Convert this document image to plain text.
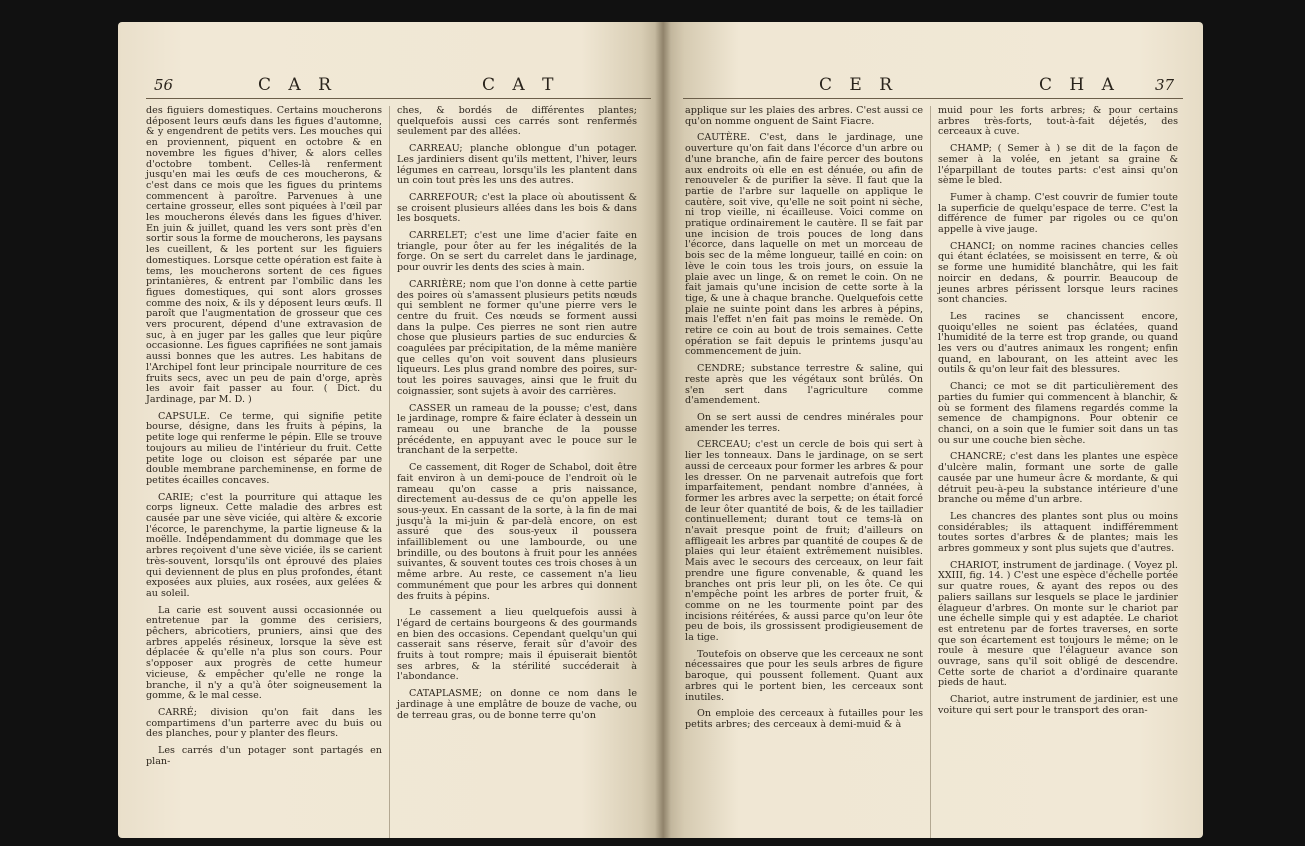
56	C A R	C A T

des figuiers domestiques. Certains moucherons déposent leurs œufs dans les figues d'automne, & y engendrent de petits vers. Les mouches qui en proviennent, piquent en octobre & en novembre les figues d'hiver, & alors celles d'octobre tombent. Celles-là renferment jusqu'en mai les œufs de ces moucherons, & c'est dans ce mois que les figues du printems commencent à paroître. Parvenues à une certaine grosseur, elles sont piquées à l'œil par les moucherons élevés dans les figues d'hiver. En juin & juillet, quand les vers sont près d'en sortir sous la forme de moucherons, les paysans les cueillent, & les portent sur les figuiers domestiques. Lorsque cette opération est faite à tems, les moucherons sortent de ces figues printanières, & entrent par l'ombilic dans les figues domestiques, qui sont alors grosses comme des noix, & ils y déposent leurs œufs. Il paroît que l'augmentation de grosseur que ces vers procurent, dépend d'une extravasion de suc, à en juger par les galles que leur piqûre occasionne. Les figues caprifiées ne sont jamais aussi bonnes que les autres. Les habitans de l'Archipel font leur principale nourriture de ces fruits secs, avec un peu de pain d'orge, après les avoir fait passer au four. ( Dict. du Jardinage, par M. D. )

CAPSULE. Ce terme, qui signifie petite bourse, désigne, dans les fruits à pépins, la petite loge qui renferme le pépin. Elle se trouve toujours au milieu de l'intérieur du fruit. Cette petite loge ou cloison est séparée par une double membrane parcheminense, en forme de petites écailles concaves.

CARIE; c'est la pourriture qui attaque les corps ligneux. Cette maladie des arbres est causée par une sève viciée, qui altère & excorie l'écorce, le parenchyme, la partie ligneuse & la moëlle. Indépendamment du dommage que les arbres reçoivent d'une sève viciée, ils se carient très-souvent, lorsqu'ils ont éprouvé des plaies qui deviennent de plus en plus profondes, étant exposées aux pluies, aux rosées, aux gelées & au soleil.

La carie est souvent aussi occasionnée ou entretenue par la gomme des cerisiers, pêchers, abricotiers, pruniers, ainsi que des arbres appelés résineux, lorsque la sève est déplacée & qu'elle n'a plus son cours. Pour s'opposer aux progrès de cette humeur vicieuse, & empêcher qu'elle ne ronge la branche, il n'y a qu'à ôter soigneusement la gomme, & le mal cesse.

CARRÉ; division qu'on fait dans les compartimens d'un parterre avec du buis ou des planches, pour y planter des fleurs.

Les carrés d'un potager sont partagés en plan-

ches, & bordés de différentes plantes; quelquefois aussi ces carrés sont renfermés seulement par des allées.

CARREAU; planche oblongue d'un potager. Les jardiniers disent qu'ils mettent, l'hiver, leurs légumes en carreau, lorsqu'ils les plantent dans un coin tout près les uns des autres.

CARREFOUR; c'est la place où aboutissent & se croisent plusieurs allées dans les bois & dans les bosquets.

CARRELET; c'est une lime d'acier faite en triangle, pour ôter au fer les inégalités de la forge. On se sert du carrelet dans le jardinage, pour ouvrir les dents des scies à main.

CARRIÈRE; nom que l'on donne à cette partie des poires où s'amassent plusieurs petits nœuds qui semblent ne former qu'une pierre vers le centre du fruit. Ces nœuds se forment aussi dans la pulpe. Ces pierres ne sont rien autre chose que plusieurs parties de suc endurcies & coagulées par précipitation, de la même manière que celles qu'on voit souvent dans plusieurs liqueurs. Les plus grand nombre des poires, sur-tout les poires sauvages, ainsi que le fruit du coignassier, sont sujets à avoir des carrières.

CASSER un rameau de la pousse; c'est, dans le jardinage, rompre & faire éclater à dessein un rameau ou une branche de la pousse précédente, en appuyant avec le pouce sur le tranchant de la serpette.

Ce cassement, dit Roger de Schabol, doit être fait environ à un demi-pouce de l'endroit où le rameau qu'on casse a pris naissance, directement au-dessus de ce qu'on appelle les sous-yeux. En cassant de la sorte, à la fin de mai jusqu'à la mi-juin & par-delà encore, on est assuré que des sous-yeux il poussera infailliblement ou une lambourde, ou une brindille, ou des boutons à fruit pour les années suivantes, & souvent toutes ces trois choses à un même arbre. Au reste, ce cassement n'a lieu communément que pour les arbres qui donnent des fruits à pépins.

Le cassement a lieu quelquefois aussi à l'égard de certains bourgeons & des gourmands en bien des occasions. Cependant quelqu'un qui casserait sans réserve, ferait sûr d'avoir des fruits à tout rompre; mais il épuiserait bientôt ses arbres, & la stérilité succéderait à l'abondance.

CATAPLASME; on donne ce nom dans le jardinage à une emplâtre de bouze de vache, ou de terreau gras, ou de bonne terre qu'on

C E R	C H A 37

applique sur les plaies des arbres. C'est aussi ce qu'on nomme onguent de Saint Fiacre.

CAUTÈRE. C'est, dans le jardinage, une ouverture qu'on fait dans l'écorce d'un arbre ou d'une branche, afin de faire percer des boutons aux endroits où elle en est dénuée, ou afin de renouveler & de purifier la sève. Il faut que la partie de l'arbre sur laquelle on applique le cautère, soit vive, qu'elle ne soit point ni sèche, ni trop vieille, ni écailleuse. Voici comme on pratique ordinairement le cautère. Il se fait par une incision de trois pouces de long dans l'écorce, dans laquelle on met un morceau de bois sec de la même longueur, taillé en coin: on lève le coin tous les trois jours, on essuie la plaie avec un linge, & on remet le coin. On ne fait jamais qu'une incision de cette sorte à la tige, & une à chaque branche. Quelquefois cette plaie ne suinte point dans les arbres à pépins, mais l'effet n'en fait pas moins le remède. On retire ce coin au bout de trois semaines. Cette opération se fait depuis le printems jusqu'au commencement de juin.

CENDRE; substance terrestre & saline, qui reste après que les végétaux sont brûlés. On s'en sert dans l'agriculture comme d'amendement.

On se sert aussi de cendres minérales pour amender les terres.

CERCEAU; c'est un cercle de bois qui sert à lier les tonneaux. Dans le jardinage, on se sert aussi de cerceaux pour former les arbres & pour les dresser. On ne parvenait autrefois que fort imparfaitement, pendant nombre d'années, à former les arbres avec la serpette; on était forcé de leur ôter quantité de bois, & de les tailladier continuellement; durant tout ce tems-là on n'avait presque point de fruit; d'ailleurs on affligeait les arbres par quantité de coupes & de plaies qui leur étaient extrêmement nuisibles. Mais avec le secours des cerceaux, on leur fait prendre une figure convenable, & quand les branches ont pris leur pli, on les ôte. Ce qui n'empêche point les arbres de porter fruit, & comme on ne les tourmente point par des incisions réitérées, & aussi parce qu'on leur ôte peu de bois, ils grossissent prodigieusement de la tige.

Toutefois on observe que les cerceaux ne sont nécessaires que pour les seuls arbres de figure baroque, qui poussent follement. Quant aux arbres qui le portent bien, les cerceaux sont inutiles.

On emploie des cerceaux à futailles pour les petits arbres; des cerceaux à demi-muid & à

muid pour les forts arbres; & pour certains arbres très-forts, tout-à-fait déjetés, des cerceaux à cuve.

CHAMP; ( Semer à ) se dit de la façon de semer à la volée, en jetant sa graine & l'éparpillant de toutes parts: c'est ainsi qu'on sème le bled.

Fumer à champ. C'est couvrir de fumier toute la superficie de quelqu'espace de terre. C'est la différence de fumer par rigoles ou ce qu'on appelle à vive jauge.

CHANCI; on nomme racines chancies celles qui étant éclatées, se moisissent en terre, & où se forme une humidité blanchâtre, qui les fait noircir en dedans, & pourrir. Beaucoup de jeunes arbres périssent lorsque leurs racines sont chancies.

Les racines se chancissent encore, quoiqu'elles ne soient pas éclatées, quand l'humidité de la terre est trop grande, ou quand les vers ou d'autres animaux les rongent; enfin quand, en labourant, on les atteint avec les outils & qu'on leur fait des blessures.

Chanci; ce mot se dit particulièrement des parties du fumier qui commencent à blanchir, & où se forment des filamens regardés comme la semence de champignons. Pour obtenir ce chanci, on a soin que le fumier soit dans un tas ou sur une couche bien sèche.

CHANCRE; c'est dans les plantes une espèce d'ulcère malin, formant une sorte de galle causée par une humeur âcre & mordante, & qui détruit peu-à-peu la substance intérieure d'une branche ou même d'un arbre.

Les chancres des plantes sont plus ou moins considérables; ils attaquent indifféremment toutes sortes d'arbres & de plantes; mais les arbres gommeux y sont plus sujets que d'autres.

CHARIOT, instrument de jardinage. ( Voyez pl. XXIII, fig. 14. ) C'est une espèce d'échelle portée sur quatre roues, & ayant des repos ou des paliers saillans sur lesquels se place le jardinier élagueur d'arbres. On monte sur le chariot par une échelle simple qui y est adaptée. Le chariot est entretenu par de fortes traverses, en sorte que son écartement est toujours le même; on le roule à mesure que l'élagueur avance son ouvrage, sans qu'il soit obligé de descendre. Cette sorte de chariot a d'ordinaire quarante pieds de haut.

Chariot, autre instrument de jardinier, est une voiture qui sert pour le transport des oran-
